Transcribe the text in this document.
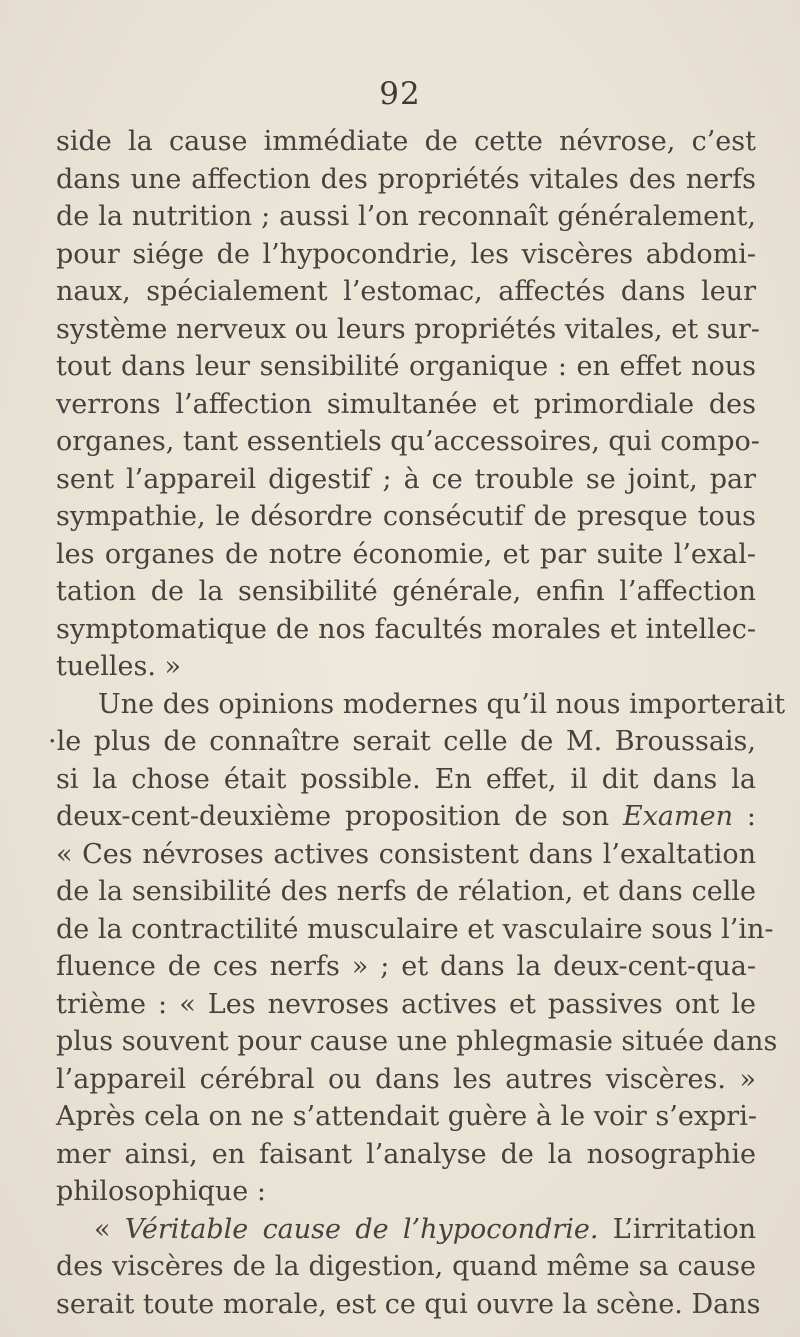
92
side la cause immédiate de cette névrose, c’est
dans une affection des propriétés vitales des nerfs
de la nutrition ; aussi l’on reconnaît généralement,
pour siége de l’hypocondrie, les viscères abdomi-
naux, spécialement l’estomac, affectés dans leur
système nerveux ou leurs propriétés vitales, et sur-
tout dans leur sensibilité organique : en effet nous
verrons l’affection simultanée et primordiale des
organes, tant essentiels qu’accessoires, qui compo-
sent l’appareil digestif ; à ce trouble se joint, par
sympathie, le désordre consécutif de presque tous
les organes de notre économie, et par suite l’exal-
tation de la sensibilité générale, enfin l’affection
symptomatique de nos facultés morales et intellec-
tuelles. »
Une des opinions modernes qu’il nous importerait
·le plus de connaître serait celle de M. Broussais,
si la chose était possible. En effet, il dit dans la
deux-cent-deuxième proposition de son Examen :
« Ces névroses actives consistent dans l’exaltation
de la sensibilité des nerfs de rélation, et dans celle
de la contractilité musculaire et vasculaire sous l’in-
fluence de ces nerfs » ; et dans la deux-cent-qua-
trième : « Les nevroses actives et passives ont le
plus souvent pour cause une phlegmasie située dans
l’appareil cérébral ou dans les autres viscères. »
Après cela on ne s’attendait guère à le voir s’expri-
mer ainsi, en faisant l’analyse de la nosographie
philosophique :
« Véritable cause de l’hypocondrie. L’irritation
des viscères de la digestion, quand même sa cause
serait toute morale, est ce qui ouvre la scène. Dans
